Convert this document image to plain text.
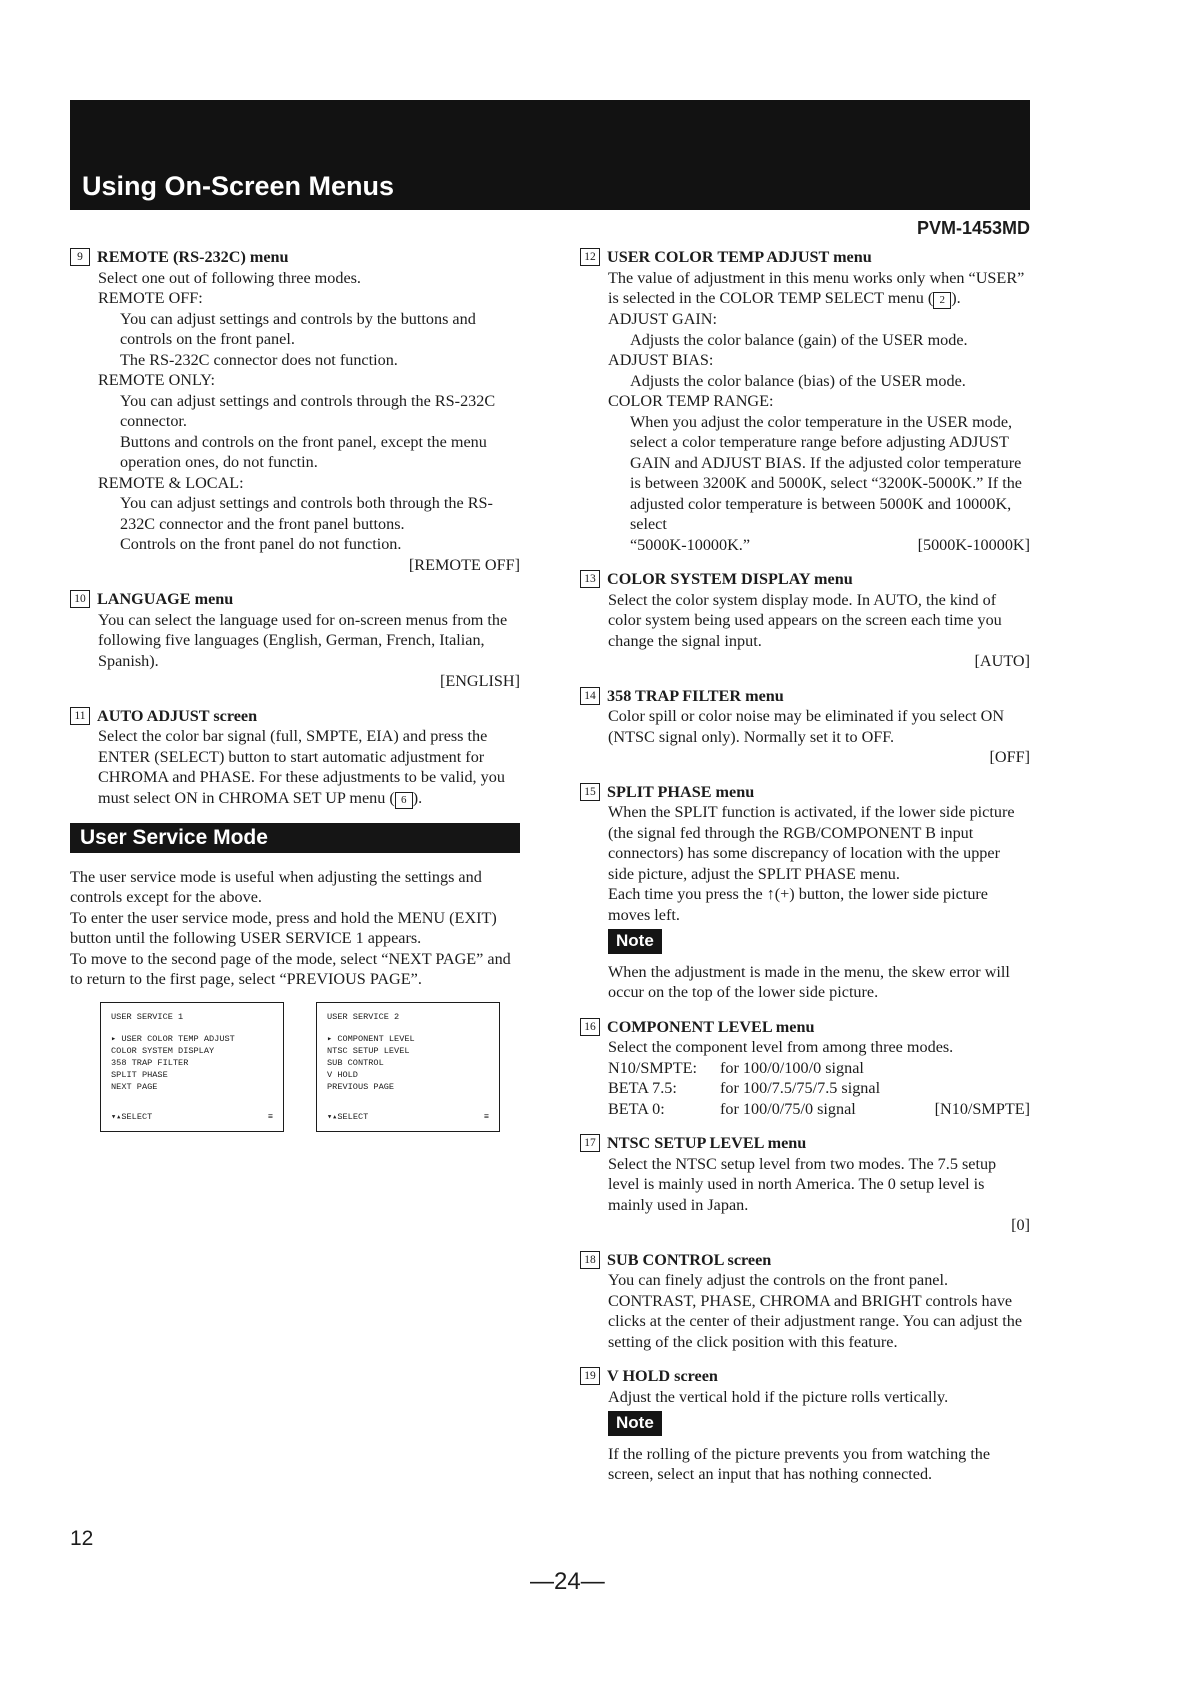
Using On-Screen Menus
PVM-1453MD
9 REMOTE (RS-232C) menu
Select one out of following three modes.
REMOTE OFF:
You can adjust settings and controls by the buttons and controls on the front panel.
The RS-232C connector does not function.
REMOTE ONLY:
You can adjust settings and controls through the RS-232C connector.
Buttons and controls on the front panel, except the menu operation ones, do not functin.
REMOTE & LOCAL:
You can adjust settings and controls both through the RS-232C connector and the front panel buttons.
Controls on the front panel do not function.
[REMOTE OFF]
10 LANGUAGE menu
You can select the language used for on-screen menus from the following five languages (English, German, French, Italian, Spanish).
[ENGLISH]
11 AUTO ADJUST screen
Select the color bar signal (full, SMPTE, EIA) and press the ENTER (SELECT) button to start automatic adjustment for CHROMA and PHASE. For these adjustments to be valid, you must select ON in CHROMA SET UP menu ( 6 ).
User Service Mode

The user service mode is useful when adjusting the settings and controls except for the above.

To enter the user service mode, press and hold the MENU (EXIT) button until the following USER SERVICE 1 appears.

To move to the second page of the mode, select “NEXT PAGE” and to return to the first page, select “PREVIOUS PAGE”.

USER SERVICE 1
▸ USER COLOR TEMP ADJUST
COLOR SYSTEM DISPLAY
358 TRAP FILTER
SPLIT PHASE
NEXT PAGE
▾▴SELECT	≡
USER SERVICE 2
▸ COMPONENT LEVEL
NTSC SETUP LEVEL
SUB CONTROL
V HOLD
PREVIOUS PAGE
▾▴SELECT	≡
12 USER COLOR TEMP ADJUST menu
The value of adjustment in this menu works only when “USER” is selected in the COLOR TEMP SELECT menu ( 2 ).
ADJUST GAIN:
Adjusts the color balance (gain) of the USER mode.
ADJUST BIAS:
Adjusts the color balance (bias) of the USER mode.
COLOR TEMP RANGE:
When you adjust the color temperature in the USER mode, select a color temperature range before adjusting ADJUST GAIN and ADJUST BIAS. If the adjusted color temperature is between 3200K and 5000K, select “3200K-5000K.” If the adjusted color temperature is between 5000K and 10000K, select
“5000K-10000K.”	[5000K-10000K]
13 COLOR SYSTEM DISPLAY menu
Select the color system display mode. In AUTO, the kind of color system being used appears on the screen each time you change the signal input.
[AUTO]
14 358 TRAP FILTER menu
Color spill or color noise may be eliminated if you select ON (NTSC signal only). Normally set it to OFF.
[OFF]
15 SPLIT PHASE menu
When the SPLIT function is activated, if the lower side picture (the signal fed through the RGB/COMPONENT B input connectors) has some discrepancy of location with the upper side picture, adjust the SPLIT PHASE menu.
Each time you press the ↑(+) button, the lower side picture moves left.
Note
When the adjustment is made in the menu, the skew error will occur on the top of the lower side picture.
16 COMPONENT LEVEL menu
Select the component level from among three modes.
N10/SMPTE:	for 100/0/100/0 signal
BETA 7.5:	for 100/7.5/75/7.5 signal
BETA 0:	for 100/0/75/0 signal	[N10/SMPTE]
17 NTSC SETUP LEVEL menu
Select the NTSC setup level from two modes. The 7.5 setup level is mainly used in north America. The 0 setup level is mainly used in Japan.
[0]
18 SUB CONTROL screen
You can finely adjust the controls on the front panel. CONTRAST, PHASE, CHROMA and BRIGHT controls have clicks at the center of their adjustment range. You can adjust the setting of the click position with this feature.
19 V HOLD screen
Adjust the vertical hold if the picture rolls vertically.
Note
If the rolling of the picture prevents you from watching the screen, select an input that has nothing connected.
12
—24—
